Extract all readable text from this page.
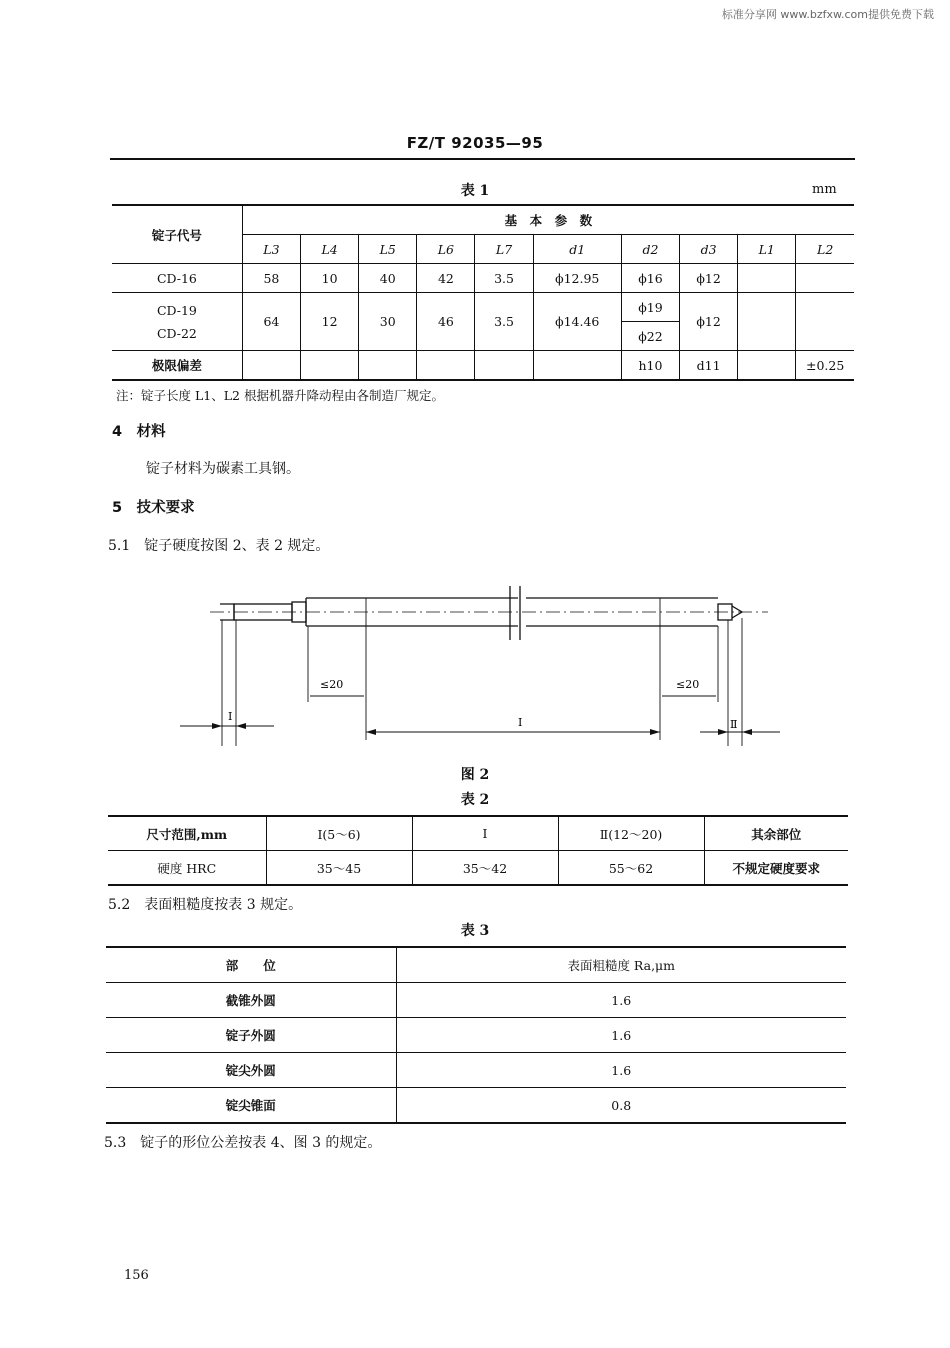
标准分享网 www.bzfxw.com提供免费下载
FZ/T 92035—95
表 1	mm
锭子代号	基　本　参　数									
	L3	L4	L5	L6	L7	d1	d2	d3	L1	L2
CD-16	58	10	40	42	3.5	ϕ12.95	ϕ16	ϕ12		

CD-19
CD-22	64	12	30	46	3.5	ϕ14.46	ϕ19	ϕ12		
							ϕ22			
极限偏差							h10	d11		±0.25
注：锭子长度 L1、L2 根据机器升降动程由各制造厂规定。
4　材料
锭子材料为碳素工具钢。
5　技术要求
5.1　锭子硬度按图 2、表 2 规定。
≤20	≤20
Ⅰ	Ⅰ	Ⅱ
图 2
表 2
尺寸范围,mm	Ⅰ(5～6)	Ⅰ	Ⅱ(12～20)	其余部位
硬度 HRC	35～45	35～42	55～62	不规定硬度要求
5.2　表面粗糙度按表 3 规定。
表 3
部　　位	表面粗糙度 Ra,μm
截锥外圆	1.6
锭子外圆	1.6
锭尖外圆	1.6
锭尖锥面	0.8
5.3　锭子的形位公差按表 4、图 3 的规定。
156
